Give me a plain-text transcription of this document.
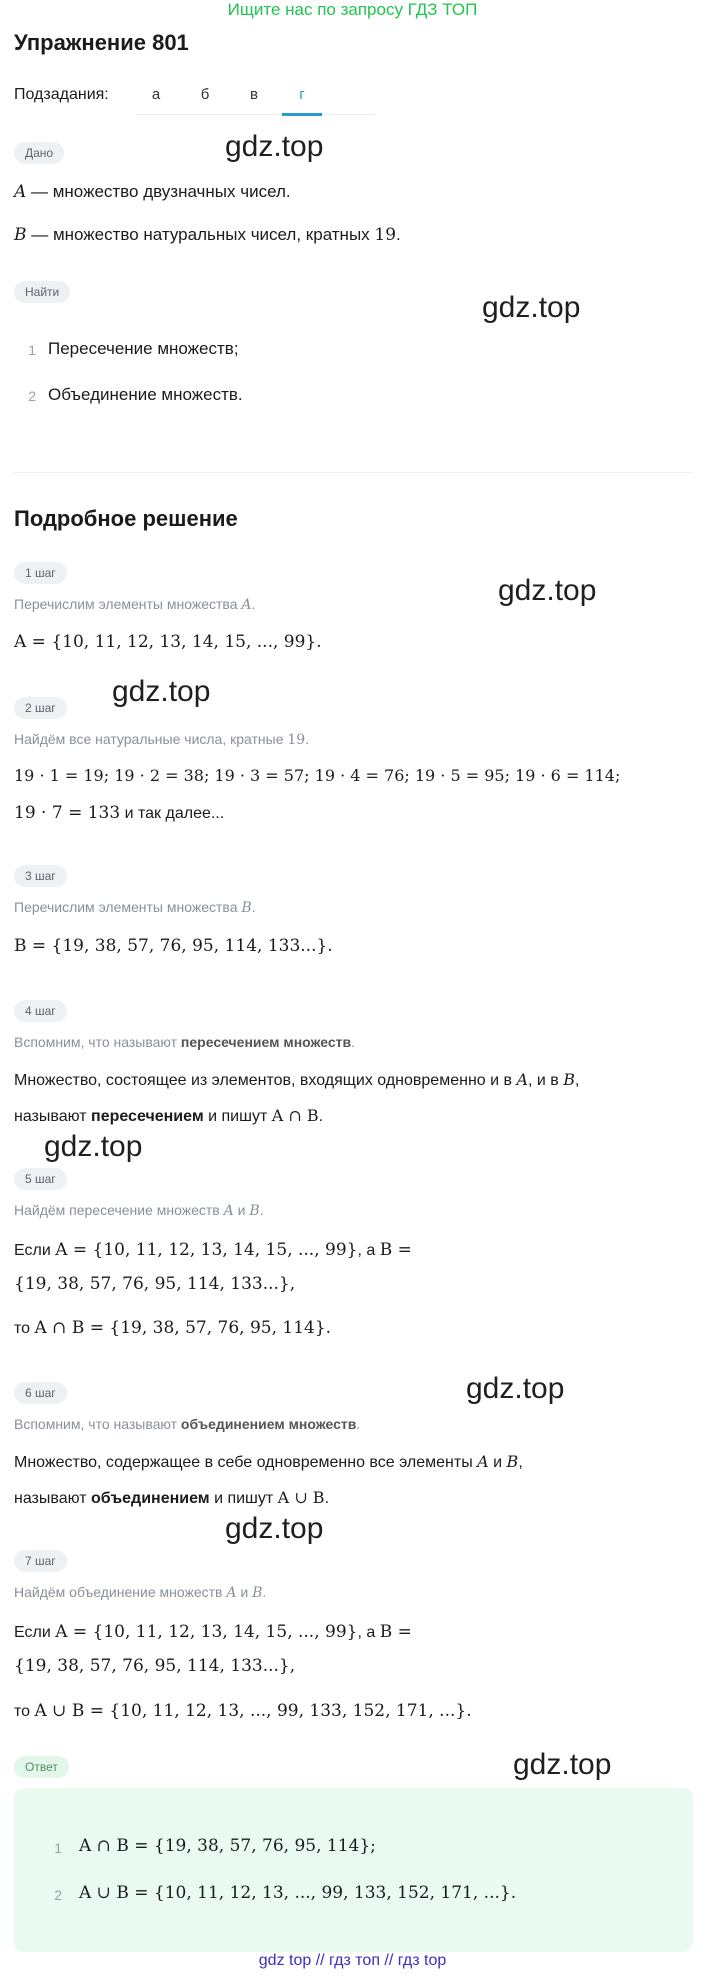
Ищите нас по запросу ГДЗ ТОП
Упражнение 801
Подзадания:	а	б	в	г
Дано
A — множество двузначных чисел.
B — множество натуральных чисел, кратных 19.
Найти
1 Пересечение множеств;
2 Объединение множеств.
Подробное решение
1 шаг
Перечислим элементы множества A.
A = {10, 11, 12, 13, 14, 15, ..., 99}.
2 шаг
Найдём все натуральные числа, кратные 19.
19 · 1 = 19; 19 · 2 = 38; 19 · 3 = 57; 19 · 4 = 76; 19 · 5 = 95; 19 · 6 = 114;
19 · 7 = 133 и так далее...
3 шаг
Перечислим элементы множества B.
B = {19, 38, 57, 76, 95, 114, 133...}.
4 шаг
Вспомним, что называют пересечением множеств.
Множество, состоящее из элементов, входящих одновременно и в A, и в B,
называют пересечением и пишут A ∩ B.
5 шаг
Найдём пересечение множеств A и B.
Если A = {10, 11, 12, 13, 14, 15, ..., 99}, а B =
{19, 38, 57, 76, 95, 114, 133...},
то A ∩ B = {19, 38, 57, 76, 95, 114}.
6 шаг
Вспомним, что называют объединением множеств.
Множество, содержащее в себе одновременно все элементы A и B,
называют объединением и пишут A ∪ B.
7 шаг
Найдём объединение множеств A и B.
Если A = {10, 11, 12, 13, 14, 15, ..., 99}, а B =
{19, 38, 57, 76, 95, 114, 133...},
то A ∪ B = {10, 11, 12, 13, ..., 99, 133, 152, 171, ...}.
Ответ
1 A ∩ B = {19, 38, 57, 76, 95, 114};
2 A ∪ B = {10, 11, 12, 13, ..., 99, 133, 152, 171, ...}.
gdz.top
gdz.top
gdz.top
gdz.top
gdz.top
gdz.top
gdz.top
gdz.top
gdz top // гдз топ // гдз top
